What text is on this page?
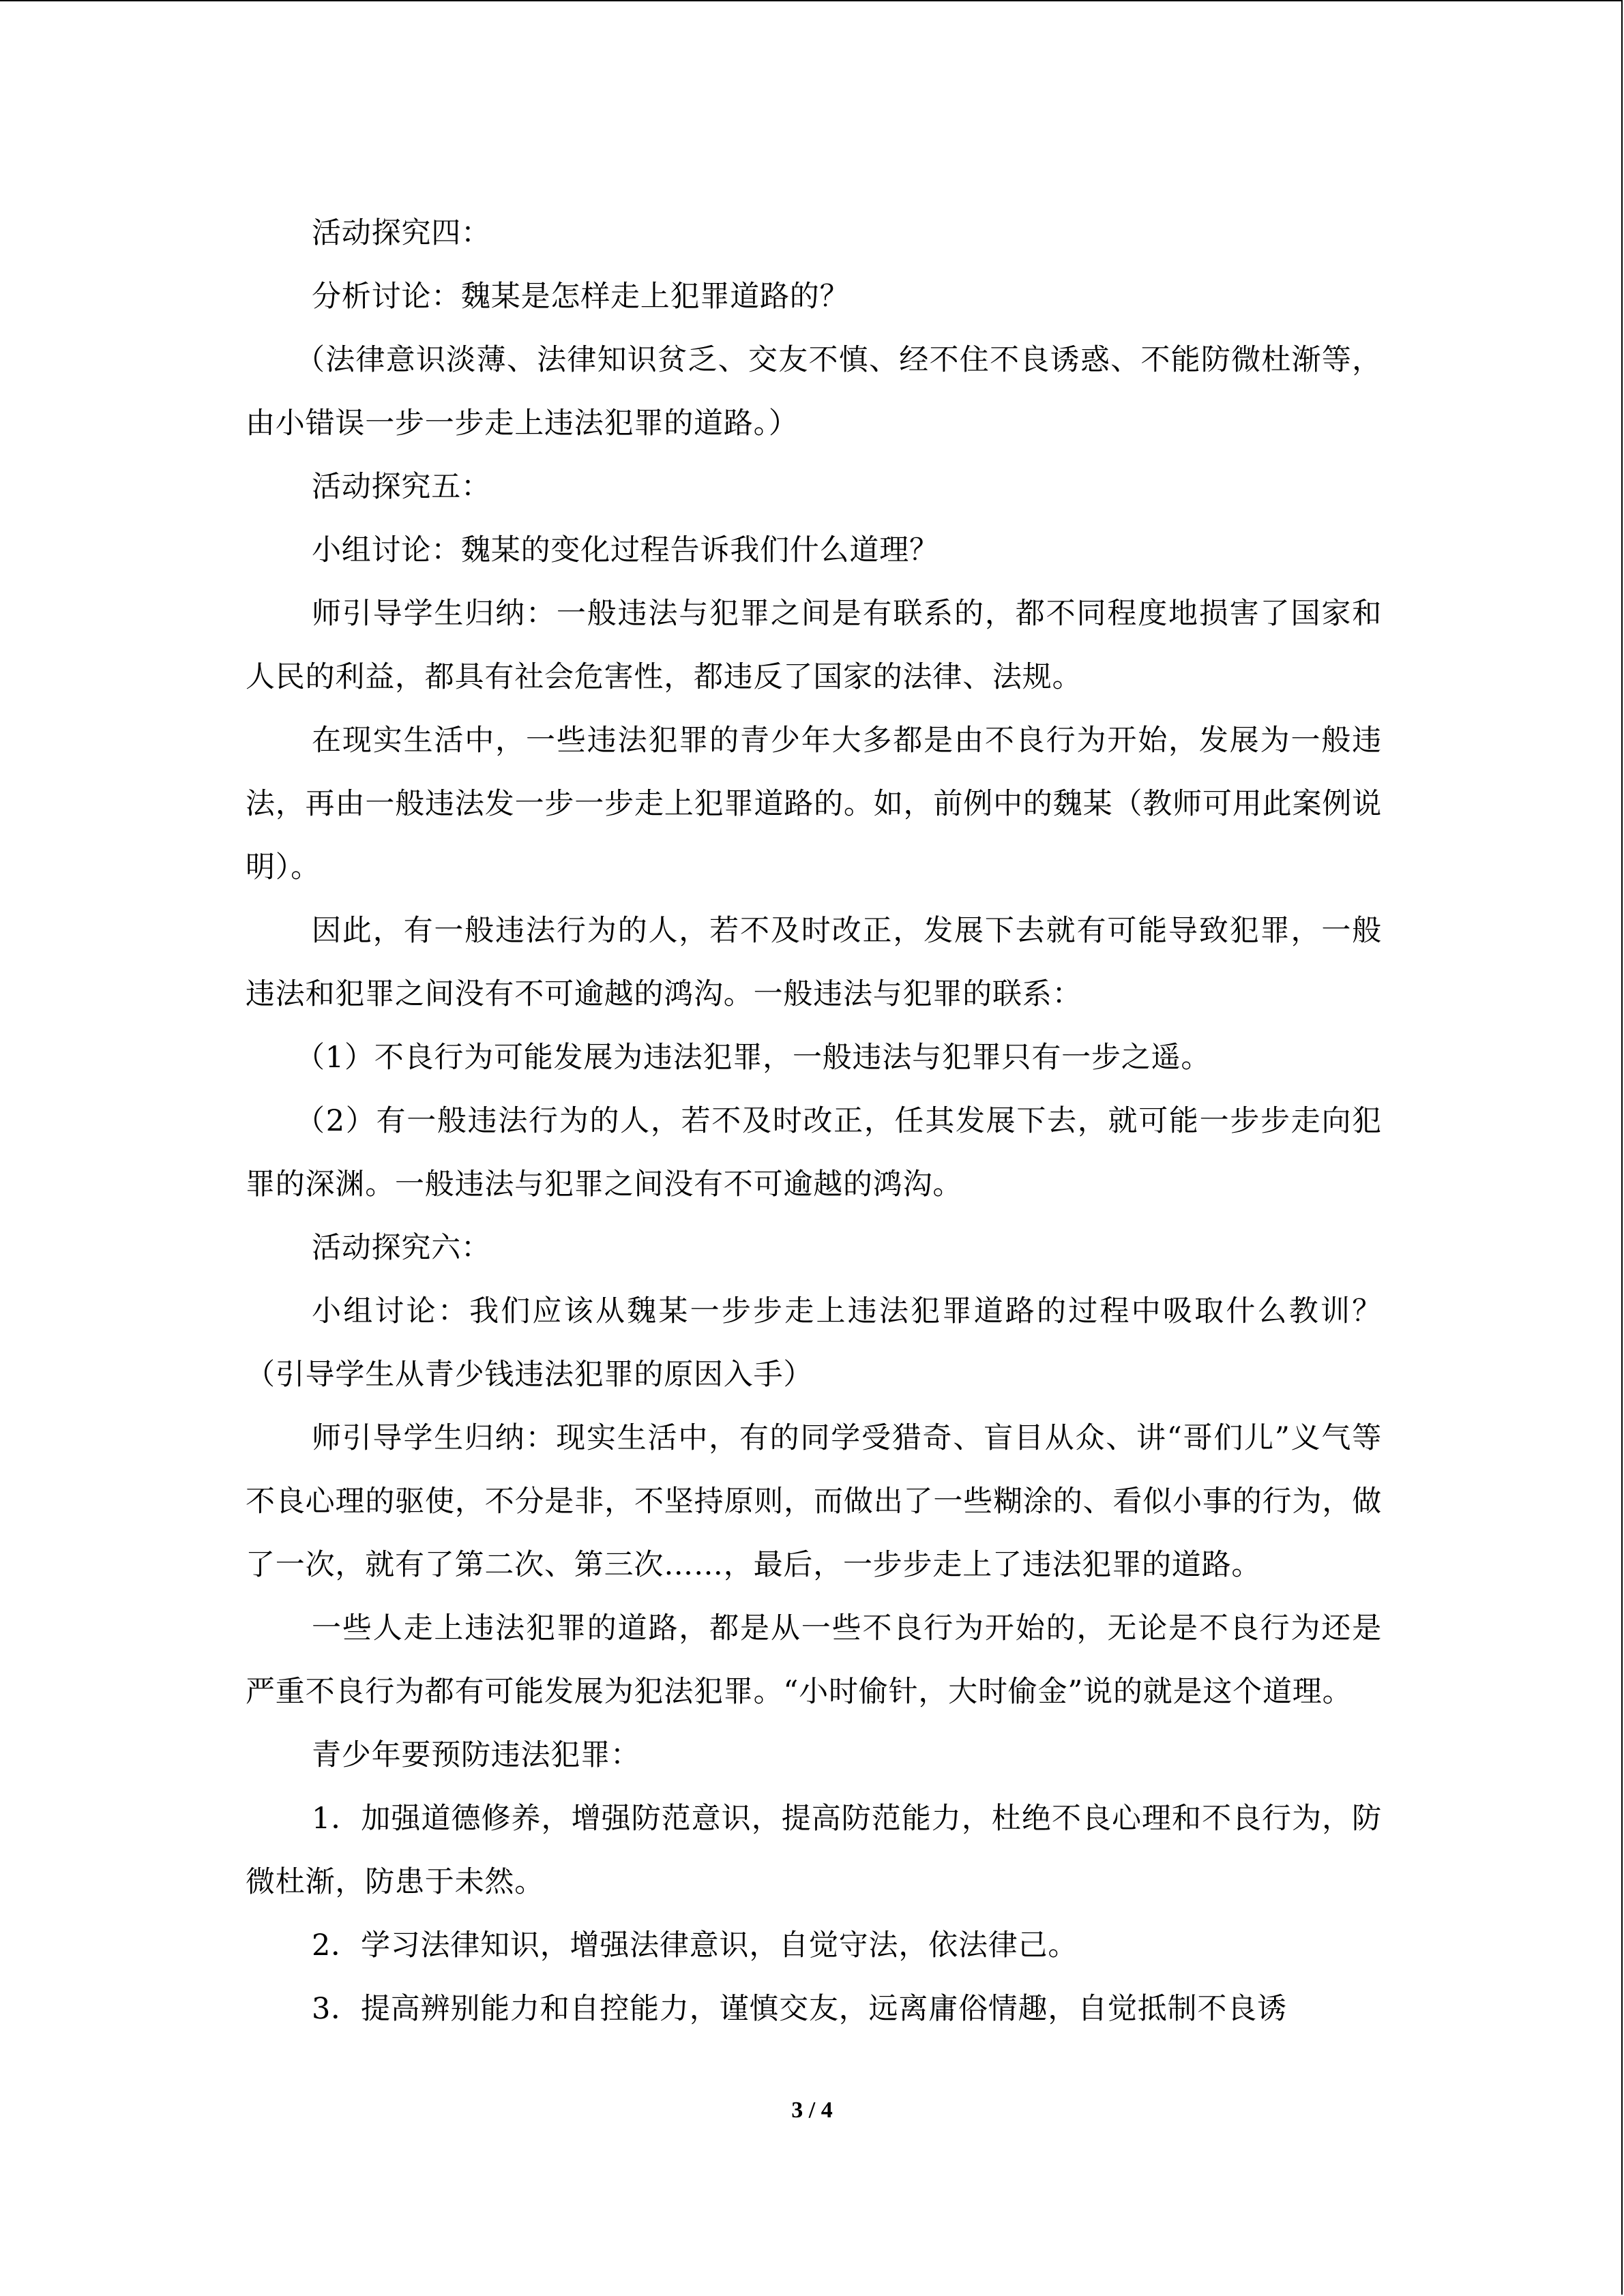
活动探究四：

分析讨论：魏某是怎样走上犯罪道路的？

（法律意识淡薄、法律知识贫乏、交友不慎、经不住不良诱惑、不能防微杜渐等，由小错误一步一步走上违法犯罪的道路。）

活动探究五：

小组讨论：魏某的变化过程告诉我们什么道理？

师引导学生归纳：一般违法与犯罪之间是有联系的，都不同程度地损害了国家和人民的利益，都具有社会危害性，都违反了国家的法律、法规。

在现实生活中，一些违法犯罪的青少年大多都是由不良行为开始，发展为一般违法，再由一般违法发一步一步走上犯罪道路的。如，前例中的魏某（教师可用此案例说明）。

因此，有一般违法行为的人，若不及时改正，发展下去就有可能导致犯罪，一般违法和犯罪之间没有不可逾越的鸿沟。一般违法与犯罪的联系：

（1）不良行为可能发展为违法犯罪，一般违法与犯罪只有一步之遥。

（2）有一般违法行为的人，若不及时改正，任其发展下去，就可能一步步走向犯罪的深渊。一般违法与犯罪之间没有不可逾越的鸿沟。

活动探究六：

小组讨论：我们应该从魏某一步步走上违法犯罪道路的过程中吸取什么教训？（引导学生从青少钱违法犯罪的原因入手）

师引导学生归纳：现实生活中，有的同学受猎奇、盲目从众、讲“哥们儿”义气等不良心理的驱使，不分是非，不坚持原则，而做出了一些糊涂的、看似小事的行为，做了一次，就有了第二次、第三次……，最后，一步步走上了违法犯罪的道路。

一些人走上违法犯罪的道路，都是从一些不良行为开始的，无论是不良行为还是严重不良行为都有可能发展为犯法犯罪。“小时偷针，大时偷金”说的就是这个道理。

青少年要预防违法犯罪：

1．加强道德修养，增强防范意识，提高防范能力，杜绝不良心理和不良行为，防微杜渐，防患于未然。

2．学习法律知识，增强法律意识，自觉守法，依法律己。

3．提高辨别能力和自控能力，谨慎交友，远离庸俗情趣，自觉抵制不良诱

3 / 4
